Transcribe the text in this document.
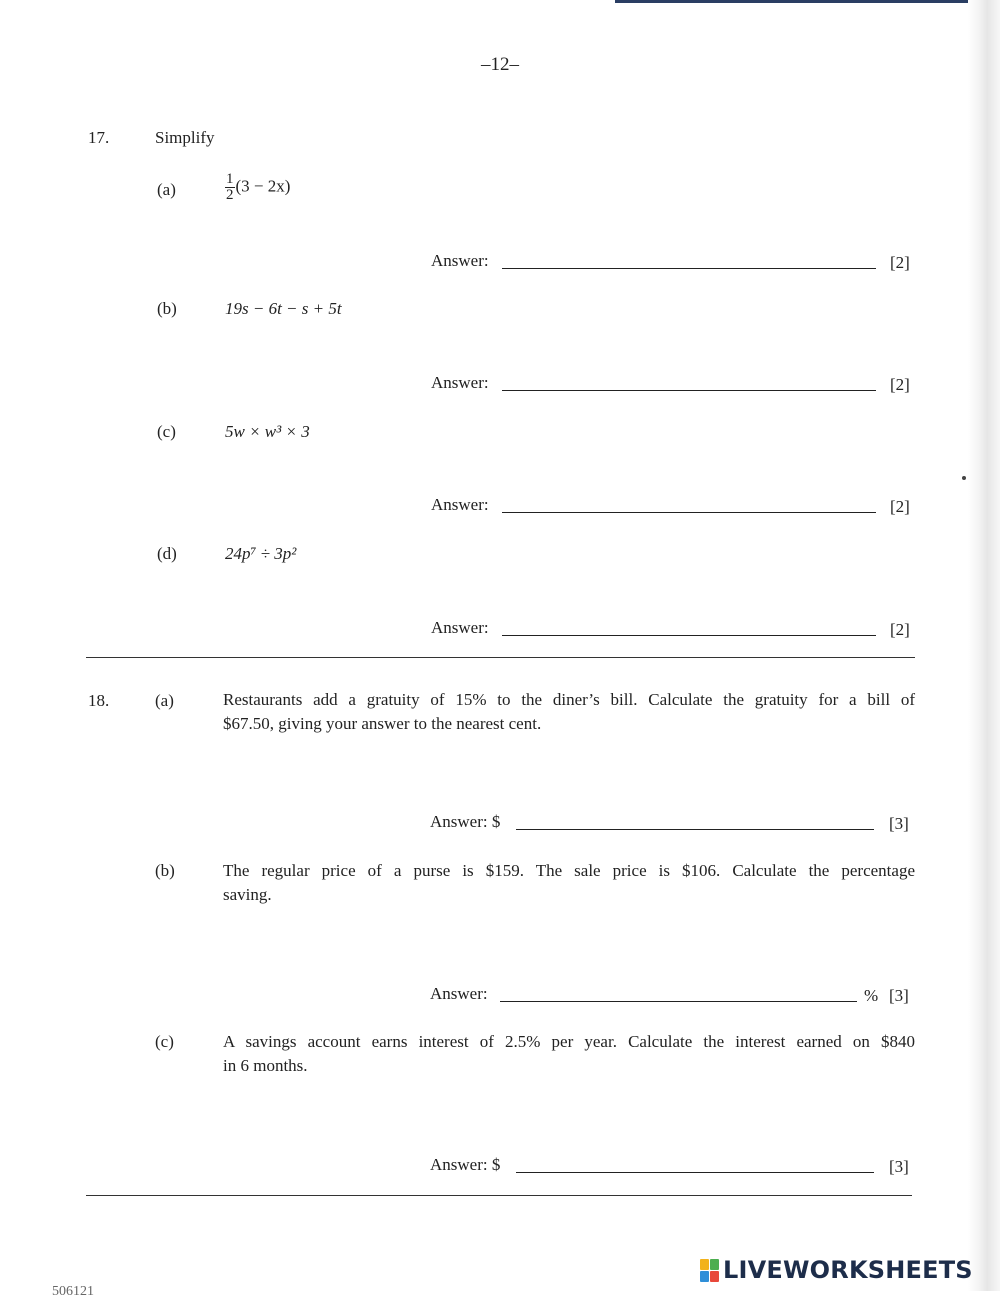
–12–
17.	Simplify
(a)	$\frac{1}{2} (3 - 2x)$
Answer:	[2]
(b)	19s − 6t − s + 5t
Answer:	[2]
(c)	5w × w³ × 3
Answer:	[2]
(d)	24p⁷ ÷ 3p²
Answer:	[2]
18.	(a)	Restaurants add a gratuity of 15% to the diner’s bill. Calculate the gratuity for a bill of
$67.50, giving your answer to the nearest cent.
Answer: $	[3]
(b)	The regular price of a purse is $159. The sale price is $106. Calculate the percentage
saving.
Answer:	% [3]
(c)	A savings account earns interest of 2.5% per year. Calculate the interest earned on $840
in 6 months.
Answer: $	[3]
LIVEWORKSHEETS
506121
